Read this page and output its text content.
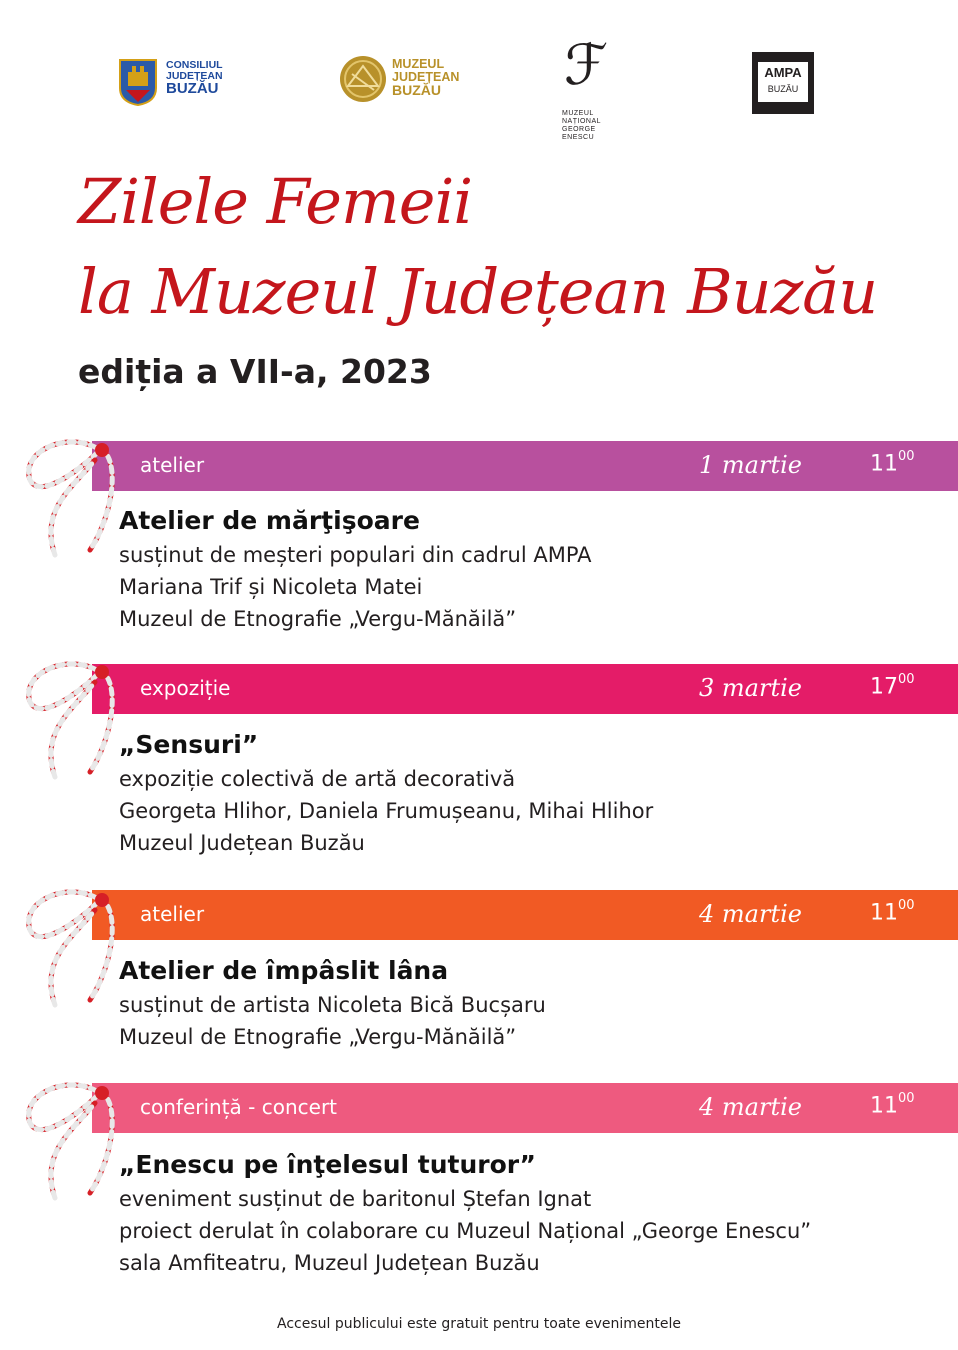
CONSILIUL
JUDEȚEAN
BUZĂU
MUZEUL
JUDEȚEAN
BUZĂU	ℱ
MUZEUL
NAȚIONAL
GEORGE
ENESCU
AMPA
BUZĂU
Zilele Femeii
la Muzeul Județean Buzău
ediția a VII-a, 2023
atelier	1 martie	$11^{00}$

Atelier de mărţişoare

susținut de meșteri populari din cadrul AMPA
Mariana Trif și Nicoleta Matei
Muzeul de Etnografie „Vergu-Mănăilă”
expoziție	3 martie	$17^{00}$

„Sensuri”

expoziție colectivă de artă decorativă
Georgeta Hlihor, Daniela Frumușeanu, Mihai Hlihor
Muzeul Județean Buzău
atelier	4 martie	$11^{00}$

Atelier de împâslit lâna

susținut de artista Nicoleta Bică Bucșaru
Muzeul de Etnografie „Vergu-Mănăilă”
conferință - concert	4 martie	$11^{00}$

„Enescu pe înţelesul tuturor”

eveniment susținut de baritonul Ștefan Ignat
proiect derulat în colaborare cu Muzeul Național „George Enescu”
sala Amfiteatru, Muzeul Județean Buzău
Accesul publicului este gratuit pentru toate evenimentele
